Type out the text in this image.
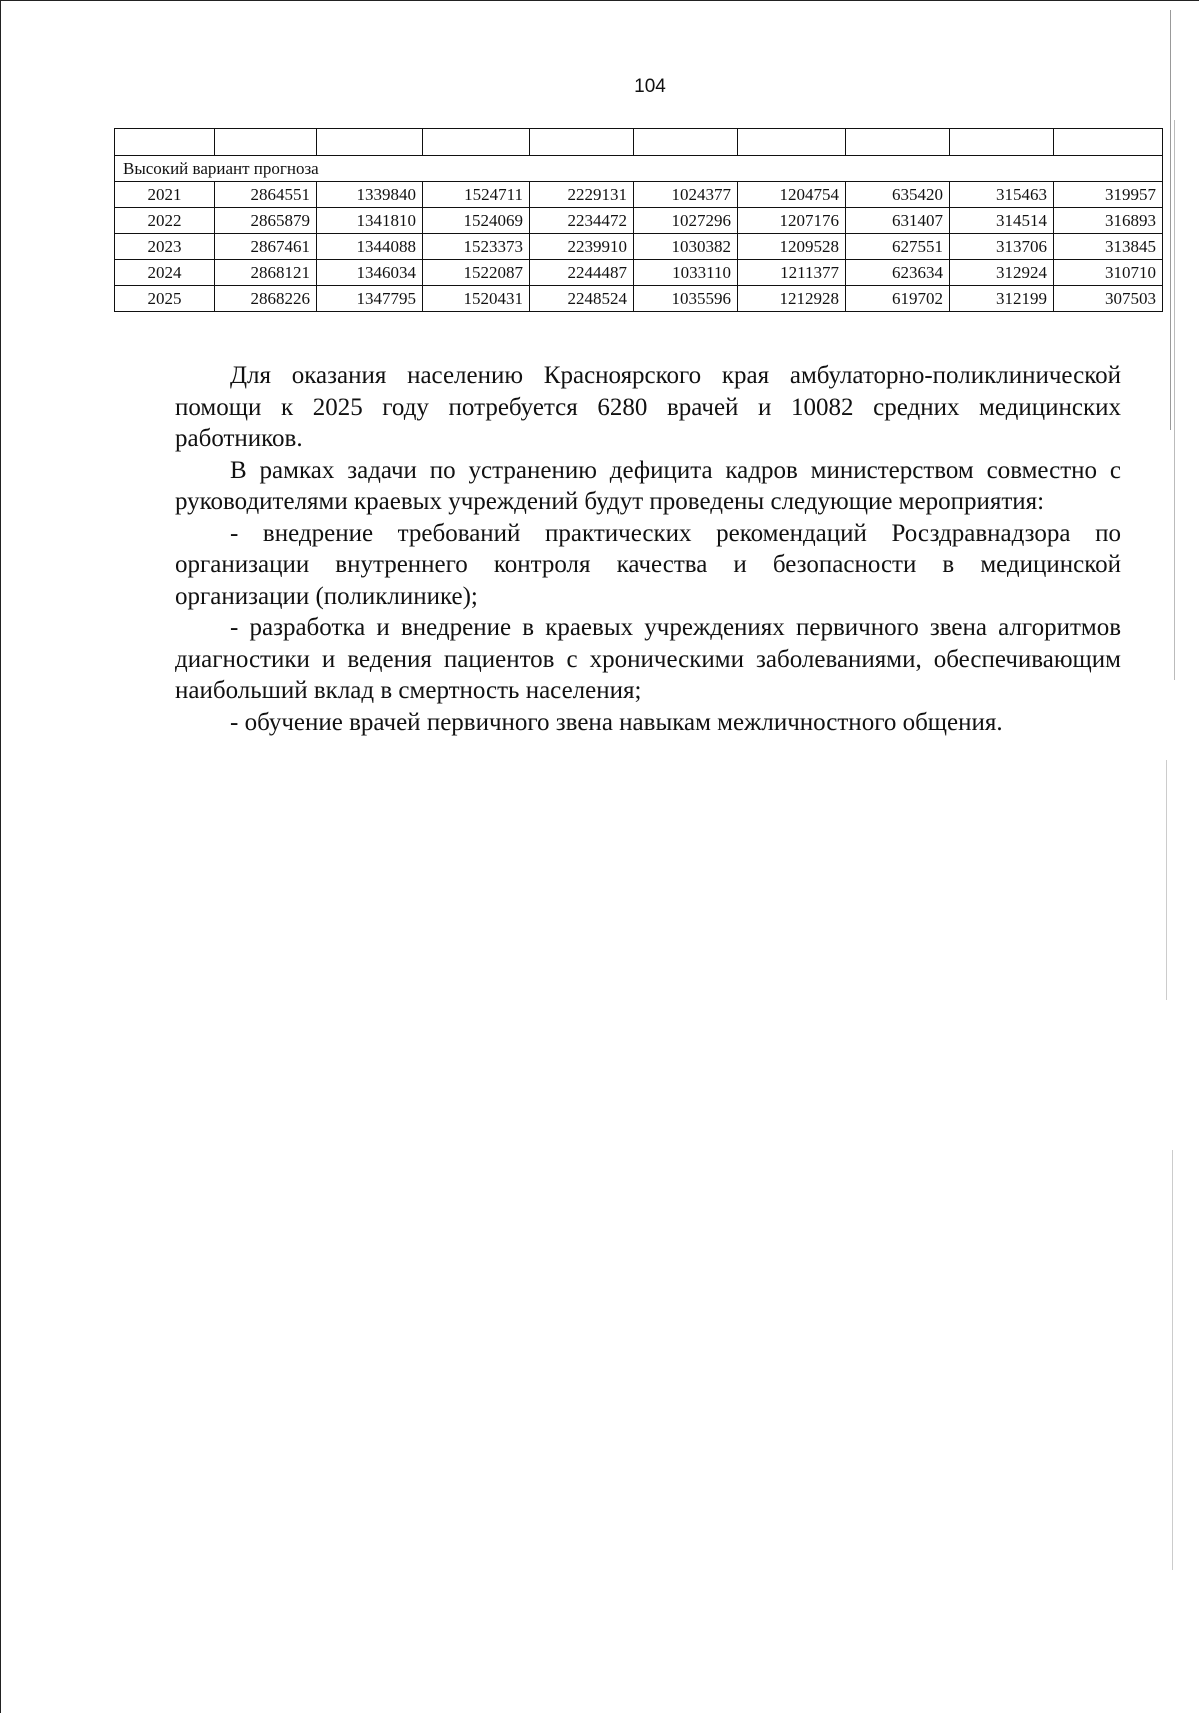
104

Высокий вариант прогноза									
2021	2864551	1339840	1524711	2229131	1024377	1204754	635420	315463	319957
2022	2865879	1341810	1524069	2234472	1027296	1207176	631407	314514	316893
2023	2867461	1344088	1523373	2239910	1030382	1209528	627551	313706	313845
2024	2868121	1346034	1522087	2244487	1033110	1211377	623634	312924	310710
2025	2868226	1347795	1520431	2248524	1035596	1212928	619702	312199	307503

Для оказания населению Красноярского края амбулаторно-поликлинической помощи к 2025 году потребуется 6280 врачей и 10082 средних медицинских работников.

В рамках задачи по устранению дефицита кадров министерством совместно с руководителями краевых учреждений будут проведены следующие мероприятия:

- внедрение требований практических рекомендаций Росздравнадзора по организации внутреннего контроля качества и безопасности в медицинской организации (поликлинике);

- разработка и внедрение в краевых учреждениях первичного звена алгоритмов диагностики и ведения пациентов с хроническими заболеваниями, обеспечивающим наибольший вклад в смертность населения;

- обучение врачей первичного звена навыкам межличностного общения.
